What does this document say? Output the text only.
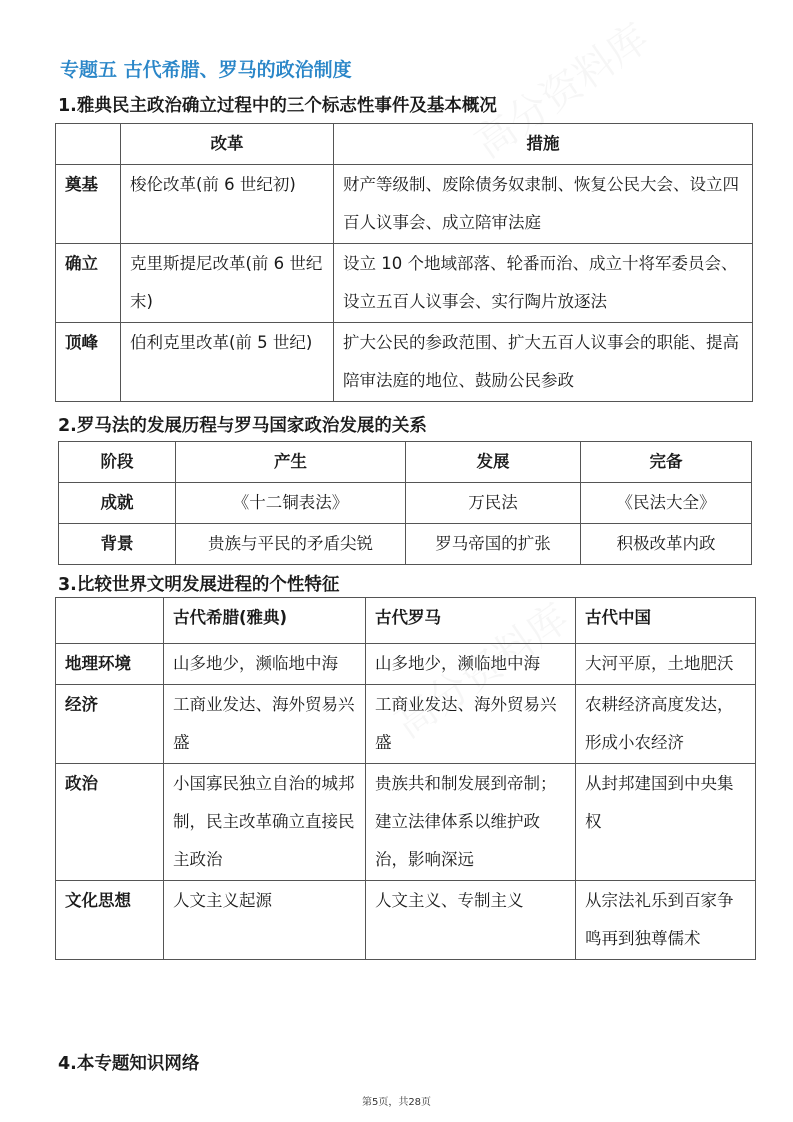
专题五 古代希腊、罗马的政治制度
1.雅典民主政治确立过程中的三个标志性事件及基本概况
	改革	措施
奠基	梭伦改革(前 6 世纪初)	财产等级制、废除债务奴隶制、恢复公民大会、设立四百人议事会、成立陪审法庭
确立	克里斯提尼改革(前 6 世纪末)	设立 10 个地域部落、轮番而治、成立十将军委员会、设立五百人议事会、实行陶片放逐法
顶峰	伯利克里改革(前 5 世纪)	扩大公民的参政范围、扩大五百人议事会的职能、提高陪审法庭的地位、鼓励公民参政
2.罗马法的发展历程与罗马国家政治发展的关系
阶段	产生	发展	完备
成就	《十二铜表法》	万民法	《民法大全》
背景	贵族与平民的矛盾尖锐	罗马帝国的扩张	积极改革内政
3.比较世界文明发展进程的个性特征
	古代希腊(雅典)	古代罗马	古代中国
地理环境	山多地少，濒临地中海	山多地少，濒临地中海	大河平原，土地肥沃
经济	工商业发达、海外贸易兴盛	工商业发达、海外贸易兴盛	农耕经济高度发达，形成小农经济
政治	小国寡民独立自治的城邦制，民主改革确立直接民主政治	贵族共和制发展到帝制；建立法律体系以维护政治，影响深远	从封邦建国到中央集权
文化思想	人文主义起源	人文主义、专制主义	从宗法礼乐到百家争鸣再到独尊儒术
4.本专题知识网络
第5页，共28页
